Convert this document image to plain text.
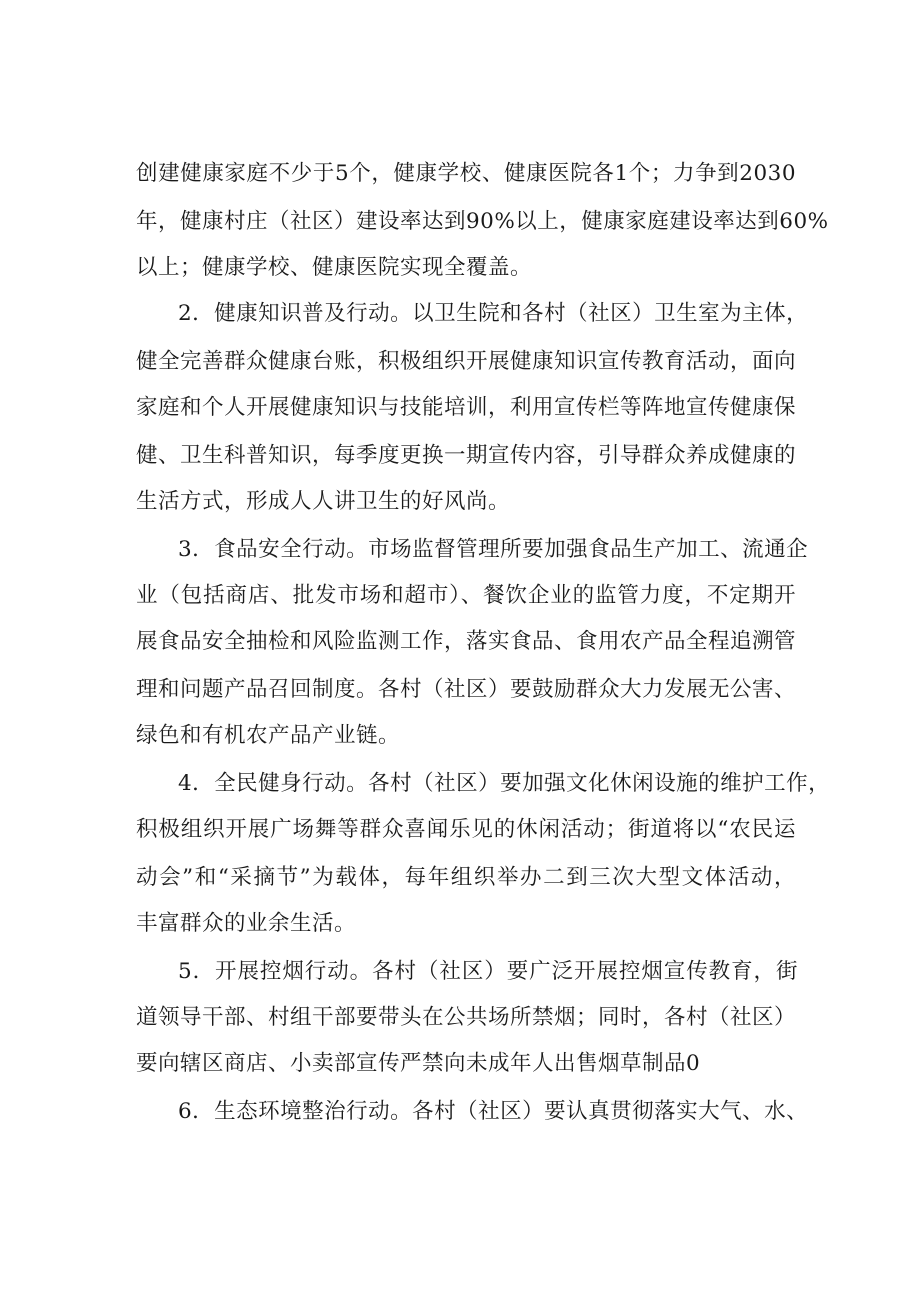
创建健康家庭不少于5个，健康学校、健康医院各1个；力争到2030
年，健康村庄（社区）建设率达到90%以上，健康家庭建设率达到60%
以上；健康学校、健康医院实现全覆盖。
2．健康知识普及行动。以卫生院和各村（社区）卫生室为主体，
健全完善群众健康台账，积极组织开展健康知识宣传教育活动，面向
家庭和个人开展健康知识与技能培训，利用宣传栏等阵地宣传健康保
健、卫生科普知识，每季度更换一期宣传内容，引导群众养成健康的
生活方式，形成人人讲卫生的好风尚。
3．食品安全行动。市场监督管理所要加强食品生产加工、流通企
业（包括商店、批发市场和超市）、餐饮企业的监管力度，不定期开
展食品安全抽检和风险监测工作，落实食品、食用农产品全程追溯管
理和问题产品召回制度。各村（社区）要鼓励群众大力发展无公害、
绿色和有机农产品产业链。
4．全民健身行动。各村（社区）要加强文化休闲设施的维护工作，
积极组织开展广场舞等群众喜闻乐见的休闲活动；街道将以“农民运
动会”和“采摘节”为载体，每年组织举办二到三次大型文体活动，
丰富群众的业余生活。
5．开展控烟行动。各村（社区）要广泛开展控烟宣传教育，街
道领导干部、村组干部要带头在公共场所禁烟；同时，各村（社区）
要向辖区商店、小卖部宣传严禁向未成年人出售烟草制品0
6．生态环境整治行动。各村（社区）要认真贯彻落实大气、水、
